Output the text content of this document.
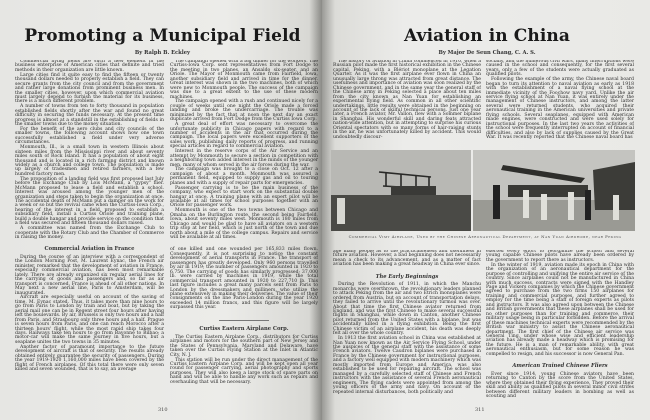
Promoting a Municipal Field
By Ralph B. Eckley

Commercial flying fields are such a new element in the business enterprise of American cities that definite and tried methods in their organization are little known.

Large cities find it quite easy to find the fifteen or twenty thousand dollars needed to properly establish a field. They can secure grants from the city council and from the government and rather large donations from prominent business men. In the smaller cities, however, upon which commercial aviation must largely depend to furnish the material for its business, there is a much different problem.

A number of towns from ten to forty thousand in population established fields shortly after the war and found no great difficulty in securing the funds necessary. At the present time progress is almost at a standstill in the establishing of fields in the smaller towns due to the money situation.

For the benefit of the aero clubs and city councils of the smaller towns, the following account shows how one town successfully established a field under very adverse circumstances.

Monmouth, Ill., is a small town in western Illinois about sixteen miles from the Mississippi river and about seventy miles south of Rock Island. It has a population of about eight thousand and is located in a rich farming district and known widely as a church and college town. The population is made up largely of tradesmen and retired farmers, with a few hundred factory men.

The proposition of a landing field was first proposed last July before the Exchange Club by Lois McMann, a "gypsy" flier. McMann proposed to lease a field and establish a school. Interest was aroused among the younger men of the organization and steps taken to begin the organization at once. The accidental death of McMann put a damper on the work for a week or so but the revival came when the Curtiss-Iowa Corp., hearing of the interest in a field, proposed to establish a subsidiary field, install a Curtiss Oriole and training plane, build a double hangar and provide service on the condition that a field was secured and fifteen thousand dollars raised.

A committee was named from the Exchange Club to cooperate with the Rotary Club and the Chamber of Commerce in raising the money.

Commercial Aviation in France

During the course of an interview with a correspondent of the London Morning Post, M. Laurent Eynac, the French air minister, remarked that the development of aviation in France, especially commercial aviation, has been most remarkable lately. There are already organized six regular aerial lines for the carrying of goods and passengers and, so far as air transport is concerned, France is ahead of all other nations. In May next a new aerial line, Paris to Amsterdam, will be inaugurated.

Aircraft are especially useful on account of the saving of time, M. Eynac stated. Thus, it takes more than nine hours to go from Paris to London by train and boat, but by taking the aerial mail one can be in Regent street four hours after having left the boulevards. By air, Brussels is only two hours and a half from Paris, and Strasbourg only three hours and a half. Prague is seven hours from Paris, and one can reach Morocco after a thirteen hours' flight, while the most rapid ship takes four days. Railways take ten hours to go from Bayonne to Bilbao; a motor-car will make the same journey in five hours, but a seaplane unites the two towns in 35 minutes.

Another factor of paramount importance to the future development of aircraft is that of security. The results already obtained entirely guarantee the security of passengers. During the year 1919-1920 1,160,000 miles have been covered by the flight of French airplanes. Of this total there were only seven killed and seven wounded, that is to say, an average

The campaign opened with a big dinner for the workers. The Curtiss-Iowa Corp. sent representatives from Fort Dodge to the meeting in two planes, an Ansaldo six-seater, and an Oriole. The Mayor of Monmouth came from Fairfield, Iowa, another subsidiary field and arrived in time for the dinner. Great interest was shown in the two machines, both of which were new to Monmouth people. The success of the campaign was due to a great extent to the use of these modern machines.

The campaign opened with a rush and continued nicely for a couple of weeks until one night the Oriole made a forced landing and broke the undercarriage. The trouble was minimized by the fact that at noon the next day an exact duplicate arrived from Fort Dodge from the Curtiss Iowa Corp.

A great deal of effort was necessary to overcome the unfortunate publicity in Chicago papers with regard to a number of accidents in the air that occurred during the campaign. The local papers were excellent supporters of the sales work, publishing daily reports of progress, and running special articles in regard to commercial aviation.

Interest in the reserve corps of the Air Service and an attempt by Monmouth to secure a section in competition with a neighboring town added interest in the minds of the younger men, many of whom served in the air forces during the war.

The campaign was brought to a close on Oct. 12 after a campaign of about a month. Monmouth was assured a permanent field, equipped to supply gas and oil to touring planes and with a supply of repair parts for emergencies.

Passenger carrying is to be the main business of the company, who expect to start work on the substantial double hangar at once. A training plane with an expert pilot will be available at all times for school purposes together with an Oriole for passenger work.

Monmouth is one of the two towns between Chicago and Omaha on the Burlington route, the second being Fairfield, Iowa, about seventy miles west. Monmouth is 180 miles from Chicago and would be glad to have all aviators on a western trip stop at her field, which is just north of the town and due north about a mile of the college campus. Repairs and service will be available at all times.

of one killed and one wounded per 165,833 miles flown. Consequently, it is not surprising to notice the constant development of aerial transports in France. The transport of passengers has greatly developed. Only 960 persons travelled by air in 1919; the number of passengers amounted in 1920 to 6,750. The carrying of goods has similarly progressed; 37,000 lb. were carried by machines in 1919, while the total commercial transport amounted in 1920 to 227,710 lb. This last figure includes a great many parcels sent from Paris to London by the dressmakers and milliners, who utilize the plane extensively in making their deliveries. The value of their consignments on the line Paris-London during the year 1920 exceeded 14 million francs, and this figure will be largely surpassed this year.

Curtiss Eastern Airplane Corp.

The Curtiss Eastern Airplane Corp., distributors for Curtiss airplanes and motors for the southern part of New Jersey and the States of Pennsylvania, Maryland and Delaware, have taken over the Curtiss Flying Station at the Inlet in Atlantic City, N. J.

This station will be run under the direct management of the Curtiss Eastern Airplane Corp. and will be kept open all year round for passenger carrying, aerial photography and sports purposes. They will also keep a large stock of spare parts on hand and will be able to handle any work such as repairs and overhauling that will be necessary.

310
Aviation in China
By Major De Seun Chang, C. A. S.

The history of aviation in China commenced in 1910, when a Russian pilot made the first historical exhibition in the Chinese capital, Peking, with a Blériot monoplane at the Legation Quarter. As it was the first airplane ever flown in China an unusually large throng was attracted from great distance. The usefulness and importance of aviation was soon realized by the Chinese government, and in the same year the general staff of the Chinese army in Peking selected a place about ten miles from the city known as Nan Yuan for establishing an experimental flying field. As common in all other scientific undertakings, little results were obtained in the beginning on account of the lack of skilful technical persons. Just one year later, a French aviator, Mr. Vallon, flew with a Sommer biplane in Shanghai. His wonderful skill and daring feats attracted nation-wide attention, but in attempting to surprise his curious Oriental spectators with so many forms of hair-raising stunts in the air, he was unfortunately killed by accident. This would undoubtedly discour-

socially, and the numerous civil wars, many interruptions were caused in the school and consequently, for the first several years, only a few of the students were actually graduated as qualified pilots.

Following the example of the army, the Chinese naval board began to turn its attention to naval aviation as early as 1918 with the establishment of a naval flying school at the immediate vicinity of the Foochow navy yard. Unlike the air service flying school at Nan Yuan, it was entirely under the management of Chinese instructors, and among the latter several were returned students, who acquired their aeronautical training in the American universities and private flying schools. Several seaplanes, equipped with American made engines, were constructed and were used solely for instructional purposes. In the last two years the activities of the school were frequently interrupted on account of financial difficulties, and also by lack of supplies caused by the Great War. It was recently reported that the Chinese naval board has

Commercial Vimy Airplane, Used by the Chinese Aeronautical Department, at Nan Yuan Airdrome, near Peking

age many people as to the practicableness and usefulness in future aviation. However, a bad beginning does not necessarily mean a check to its advancement, and as a matter of fact aviation has been making a great headway in China ever since.

The Early Beginnings

During the Revolution of 1911, in which the Manchu monarchs were overthrown, the revolutionary leaders planned to attack Peking from the air and two Etrich monoplanes were ordered from Austria, but on account of transportation delays, they failed to arrive until the revolutionary turmoil was over. About that time the first Chinese aviator returned from England, and was the first Chinese to make several successful flights in Shanghai, while down in Canton, another Chinese pilot returned from the United States with a biplane, but was accidentally killed in a flying exhibition. Being the first Chinese victim of an airplane accident, his death was deeply felt all over the whole country.

In 1913 the first aviation school in China was established at Nan Yuan now known as the Air Service Flying School, under the auspices of the general staff with the assistance of some French aviators. Twelve Caudron biplanes were purchased in France by the Chinese government for instructional purposes, and a factory well equipped with modern machinery which was mostly imported from Europe and America, was also established to be used for repairing aircraft. The school was managed by a carefully selected staff of Chinese and French instructors with the assistance of several French aeronautical engineers. The flying cadets were appointed from among the young officers of the army and navy. On account of the repeated internal disturbances, both politically and

exerted every effort to reorganize the school and several young capable Chinese pilots have already been ordered by the government to report there as instructors.

In the winter of 1919, aviation made its epoch in China with the organization of an aeronautical department for the purpose of controlling and unifying the entire air service of the country. Since airplanes could not be manufactured in China with much success, contracts were signed with the Handley Page and Vickers companies by which the Chinese government agreed to purchase from the two firms 150 airplanes for training and commercial purposes, and further agreed to employ for the time being a staff of foreign experts as pilots and instructors. It was also agreed upon between the Chinese and British governments that these airplanes shall be used for no other purposes than for training and commerce, their military usage being in particular forbidden. Before the arrival of these machines technical experts were recommended by the British war ministry to assist the Chinese aeronautical department. The first chief of the Chinese air service was General Ting, under whose wise and efficient leadership aviation has already made a headway which is promising for the future. He is a man of remarkable ability, with great aeronautical enthusiasm, but for some reason he was compelled to resign, and his successor is now General Pan.

American Trained Chinese Fliers

Ever since 1914, young Chinese aviators have been returning to Canton by the score from the United States, where they obtained their flying experience. They proved their skill and ability as qualified pilots in several minor civil strifes between different military leaders in bombing as well as scouting and

311
